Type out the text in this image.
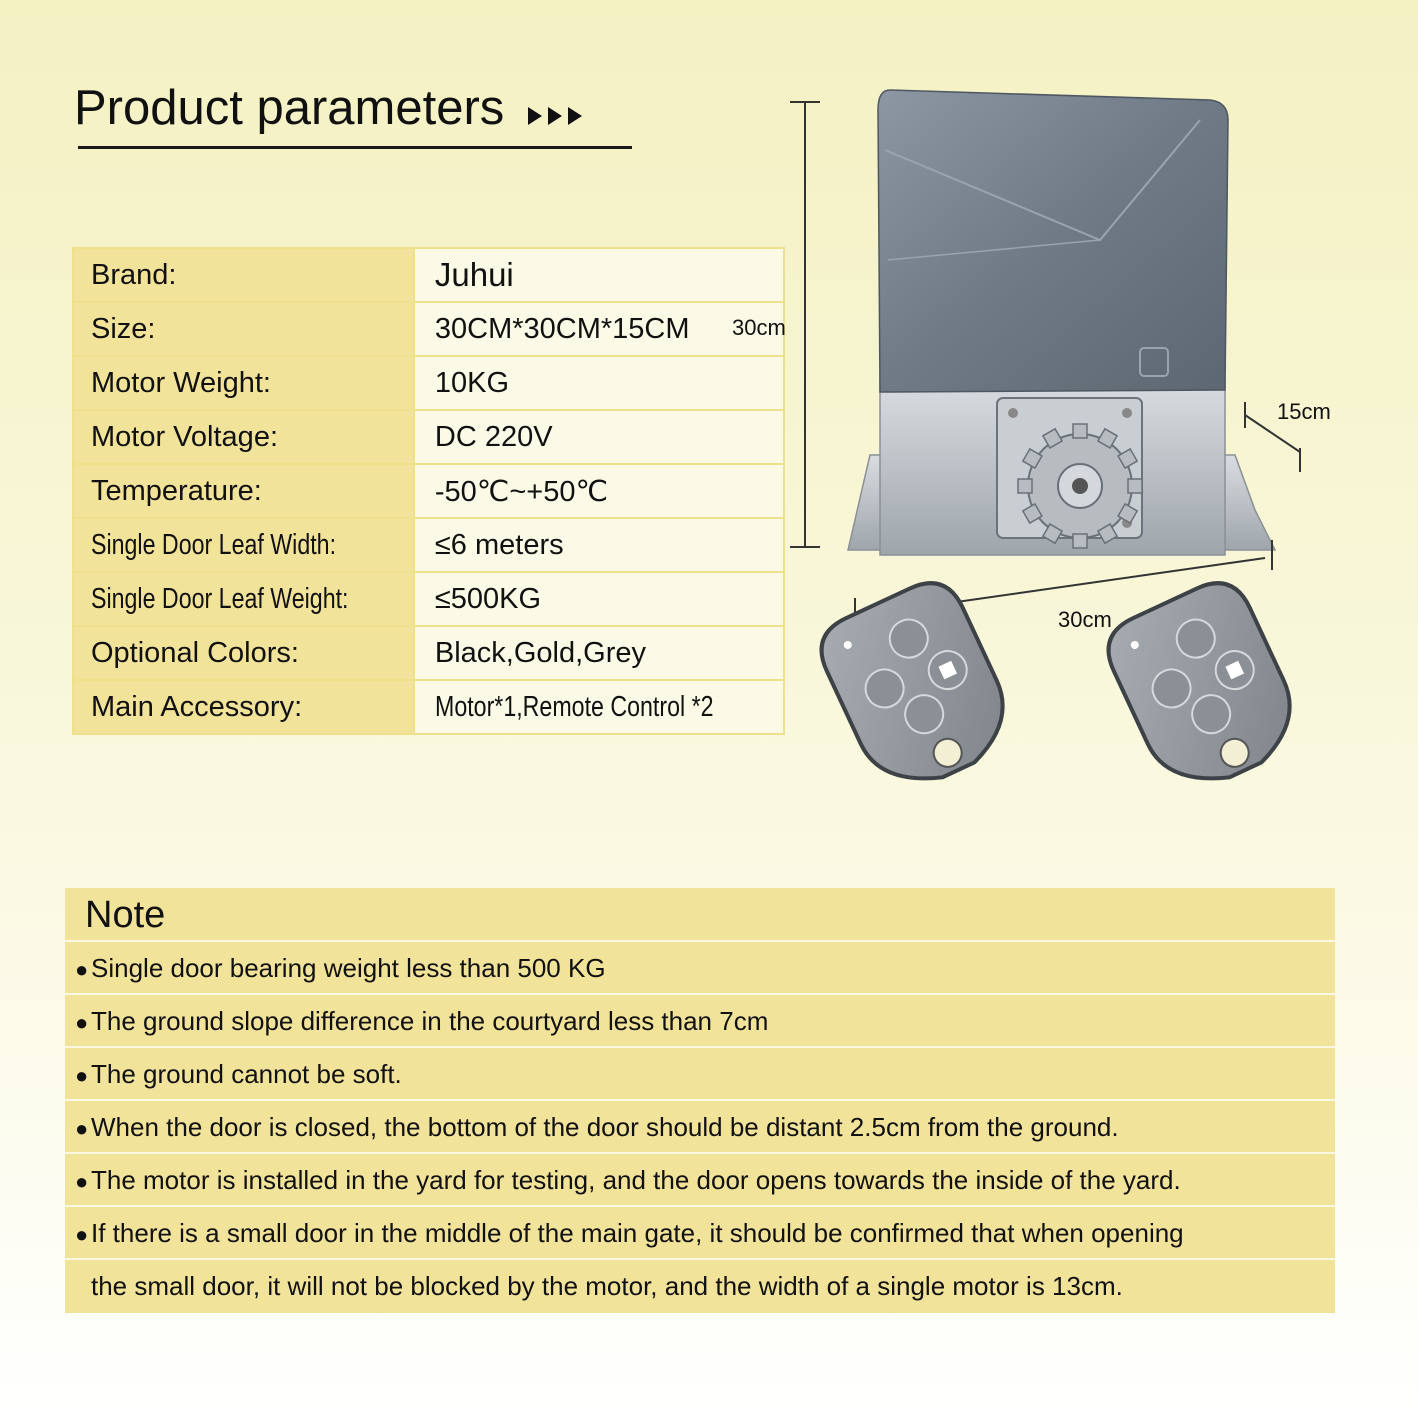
Product parameters
Brand:	Juhui
Size:	30CM*30CM*15CM
Motor Weight:	10KG
Motor Voltage:	DC 220V
Temperature:	-50℃~+50℃
Single Door Leaf Width:	≤6 meters
Single Door Leaf Weight:	≤500KG
Optional Colors:	Black,Gold,Grey
Main Accessory:	Motor*1,Remote Control *2
30cm
15cm
30cm
Note
● Single door bearing weight less than 500 KG
● The ground slope difference in the courtyard less than 7cm
● The ground cannot be soft.
● When the door is closed, the bottom of the door should be distant 2.5cm from the ground.
● The motor is installed in the yard for testing, and the door opens towards the inside of the yard.
● If there is a small door in the middle of the main gate, it should be confirmed that when opening
the small door, it will not be blocked by the motor, and the width of a single motor is 13cm.
